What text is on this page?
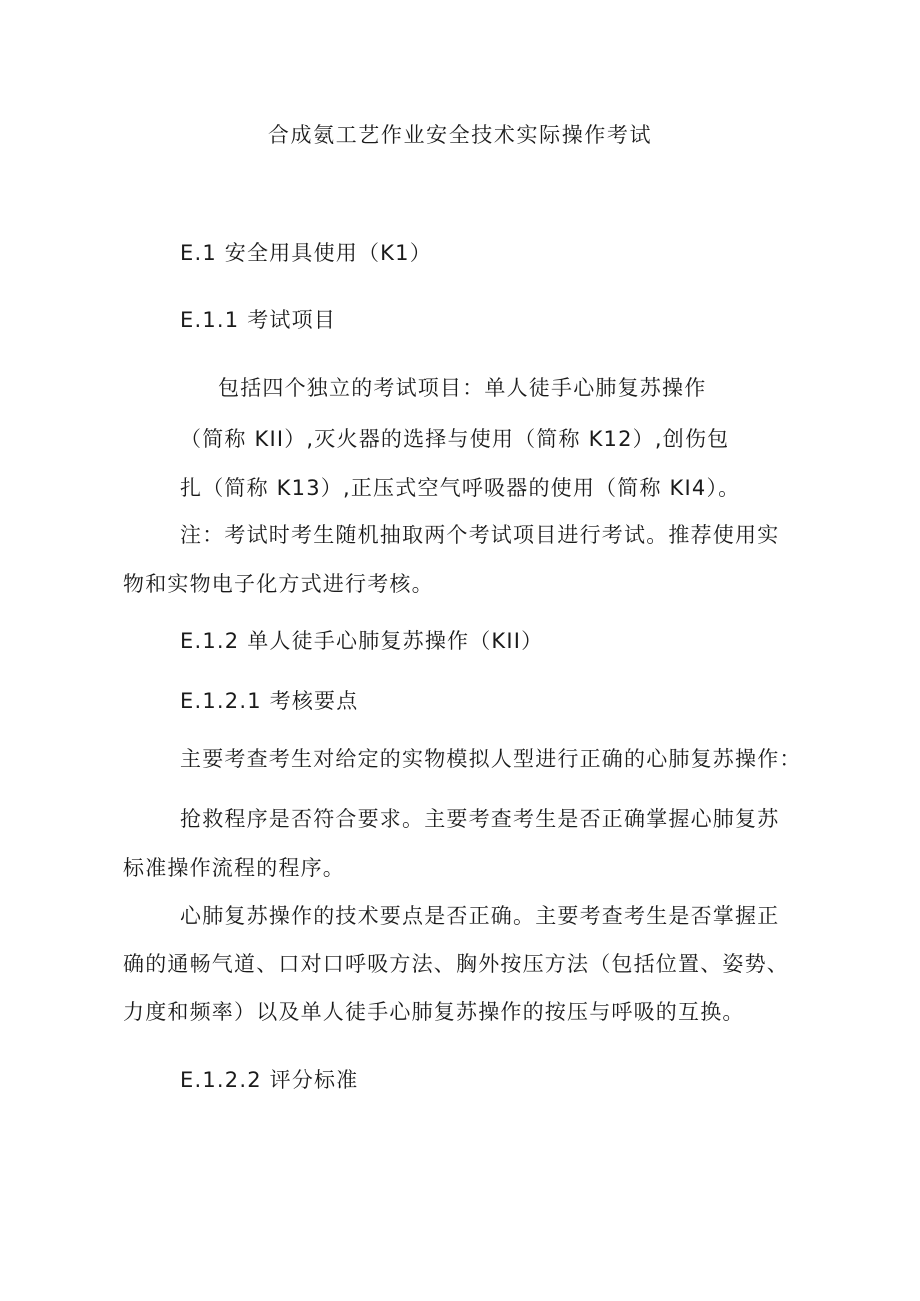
合成氨工艺作业安全技术实际操作考试
E.1 安全用具使用（K1）
E.1.1 考试项目
包括四个独立的考试项目：单人徒手心肺复苏操作
（简称 KII）,灭火器的选择与使用（简称 K12）,创伤包
扎（简称 K13）,正压式空气呼吸器的使用（简称 KI4）。
注：考试时考生随机抽取两个考试项目进行考试。推荐使用实
物和实物电子化方式进行考核。
E.1.2 单人徒手心肺复苏操作（KII）
E.1.2.1 考核要点
主要考查考生对给定的实物模拟人型进行正确的心肺复苏操作：
抢救程序是否符合要求。主要考查考生是否正确掌握心肺复苏
标准操作流程的程序。
心肺复苏操作的技术要点是否正确。主要考查考生是否掌握正
确的通畅气道、口对口呼吸方法、胸外按压方法（包括位置、姿势、
力度和频率）以及单人徒手心肺复苏操作的按压与呼吸的互换。
E.1.2.2 评分标准
